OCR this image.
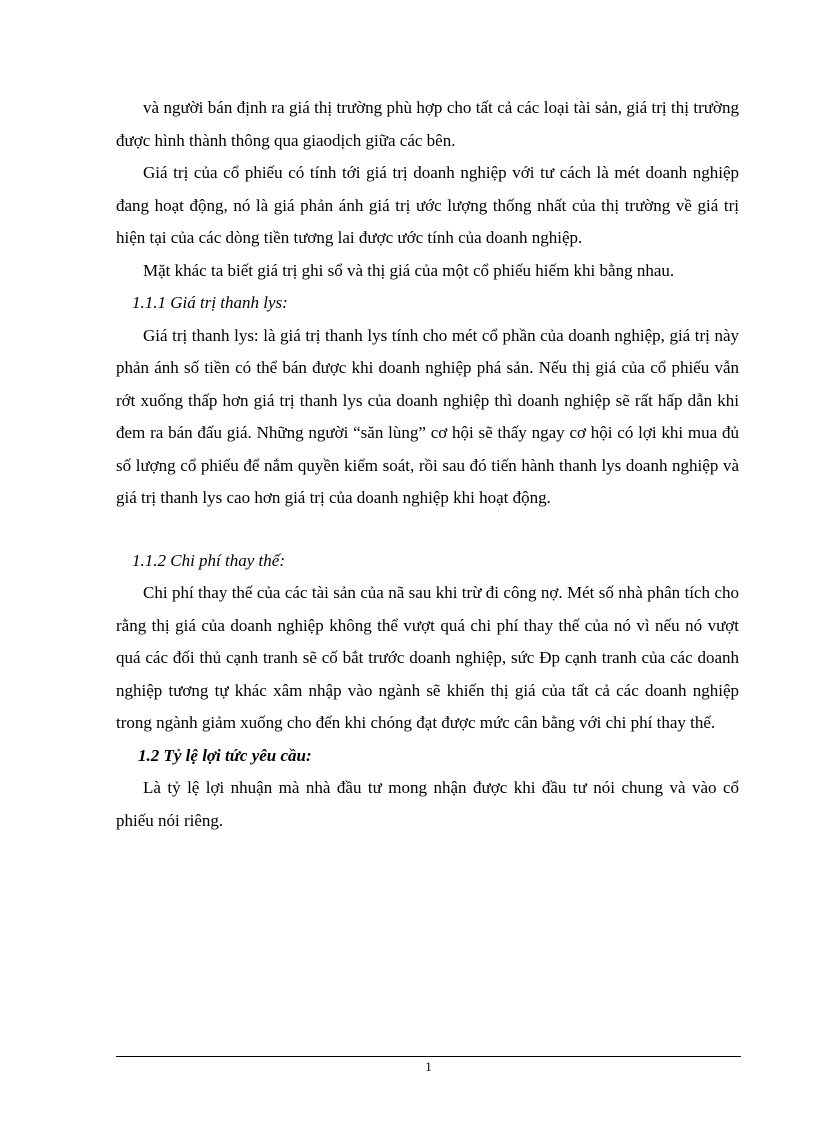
và người bán định ra giá thị trường phù hợp cho tất cả các loại tài sản, giá trị thị trường được hình thành thông qua giaodịch giữa các bên.

Giá trị của cổ phiếu có tính tới giá trị doanh nghiệp với tư cách là mét doanh nghiệp đang hoạt động, nó là giá phản ánh giá trị ước lượng thống nhất của thị trường về giá trị hiện tại của các dòng tiền tương lai được ước tính của doanh nghiệp.

Mặt khác ta biết giá trị ghi sổ và thị giá của một cổ phiếu hiếm khi bằng nhau.

1.1.1 Giá trị thanh lys:

Giá trị thanh lys: là giá trị thanh lys tính cho mét cổ phần của doanh nghiệp, giá trị này phản ánh số tiền có thể bán được khi doanh nghiệp phá sản. Nếu thị giá của cổ phiếu vẫn rớt xuống thấp hơn giá trị thanh lys của doanh nghiệp thì doanh nghiệp sẽ rất hấp dẫn khi đem ra bán đấu giá. Những người “săn lùng” cơ hội sẽ thấy ngay cơ hội có lợi khi mua đủ số lượng cổ phiếu để nắm quyền kiểm soát, rồi sau đó tiến hành thanh lys doanh nghiệp và giá trị thanh lys cao hơn giá trị của doanh nghiệp khi hoạt động.

1.1.2 Chi phí thay thế:

Chi phí thay thế của các tài sản của nã sau khi trừ đi công nợ. Mét số nhà phân tích cho rằng thị giá của doanh nghiệp không thể vượt quá chi phí thay thế của nó vì nếu nó vượt quá các đối thủ cạnh tranh sẽ cố bắt trước doanh nghiệp, sức Ðp cạnh tranh của các doanh nghiệp tương tự khác xâm nhập vào ngành sẽ khiến thị giá của tất cả các doanh nghiệp trong ngành giảm xuống cho đến khi chóng đạt được mức cân bằng với chi phí thay thế.

1.2 Tỷ lệ lợi tức yêu cầu:

Là tỷ lệ lợi nhuận mà nhà đầu tư mong nhận được khi đầu tư nói chung và vào cổ phiếu nói riêng.

1
